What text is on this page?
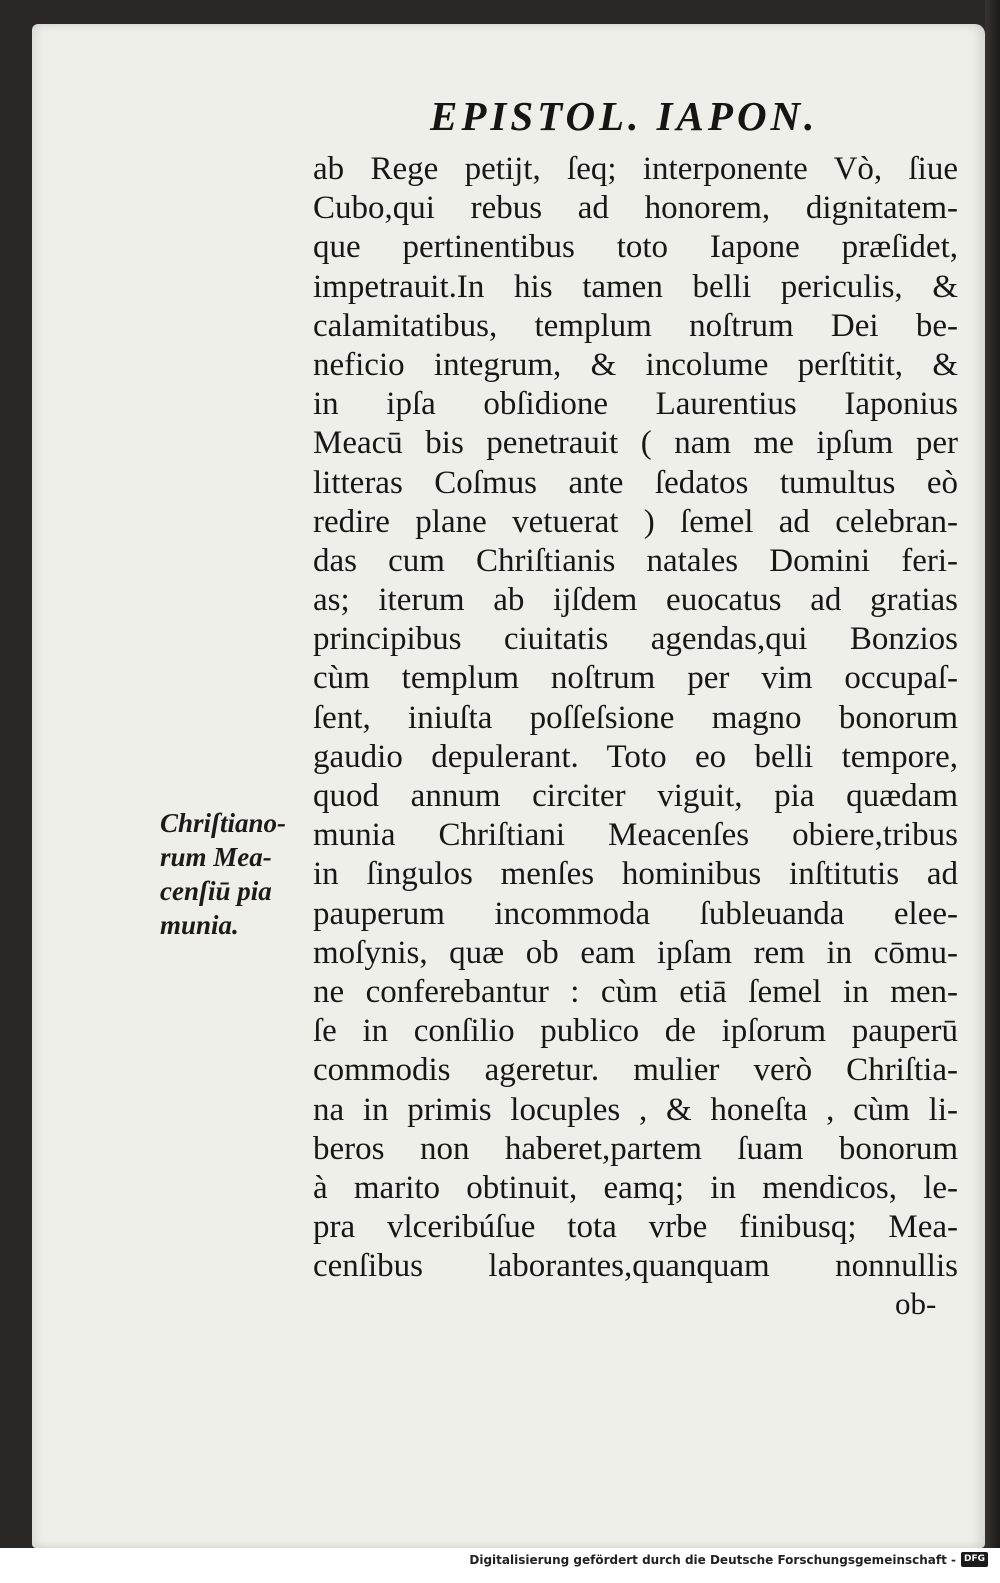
EPISTOL. IAPON.
ab Rege petijt, ſeq; interponente Vò, ſiue
Cubo,qui rebus ad honorem, dignitatem-
que pertinentibus toto Iapone præſidet,
impetrauit.In his tamen belli periculis, &
calamitatibus, templum noſtrum Dei be-
neficio integrum, & incolume perſtitit, &
in ipſa obſidione Laurentius Iaponius
Meacū bis penetrauit ( nam me ipſum per
litteras Coſmus ante ſedatos tumultus eò
redire plane vetuerat ) ſemel ad celebran-
das cum Chriſtianis natales Domini feri-
as; iterum ab ijſdem euocatus ad gratias
principibus ciuitatis agendas,qui Bonzios
cùm templum noſtrum per vim occupaſ-
ſent, iniuſta poſſeſsione magno bonorum
gaudio depulerant. Toto eo belli tempore,
quod annum circiter viguit, pia quædam
munia Chriſtiani Meacenſes obiere,tribus
in ſingulos menſes hominibus inſtitutis ad
pauperum incommoda ſubleuanda elee-
moſynis, quæ ob eam ipſam rem in cōmu-
ne conferebantur : cùm etiā ſemel in men-
ſe in conſilio publico de ipſorum pauperū
commodis ageretur. mulier verò Chriſtia-
na in primis locuples , & honeſta , cùm li-
beros non haberet,partem ſuam bonorum
à marito obtinuit, eamq; in mendicos, le-
pra vlceribúſue tota vrbe finibusq; Mea-
cenſibus laborantes,quanquam nonnullis
Chriſtiano-
rum Mea-
cenſiū pia
munia.
ob-
Digitalisierung gefördert durch die Deutsche Forschungsgemeinschaft - DFG
